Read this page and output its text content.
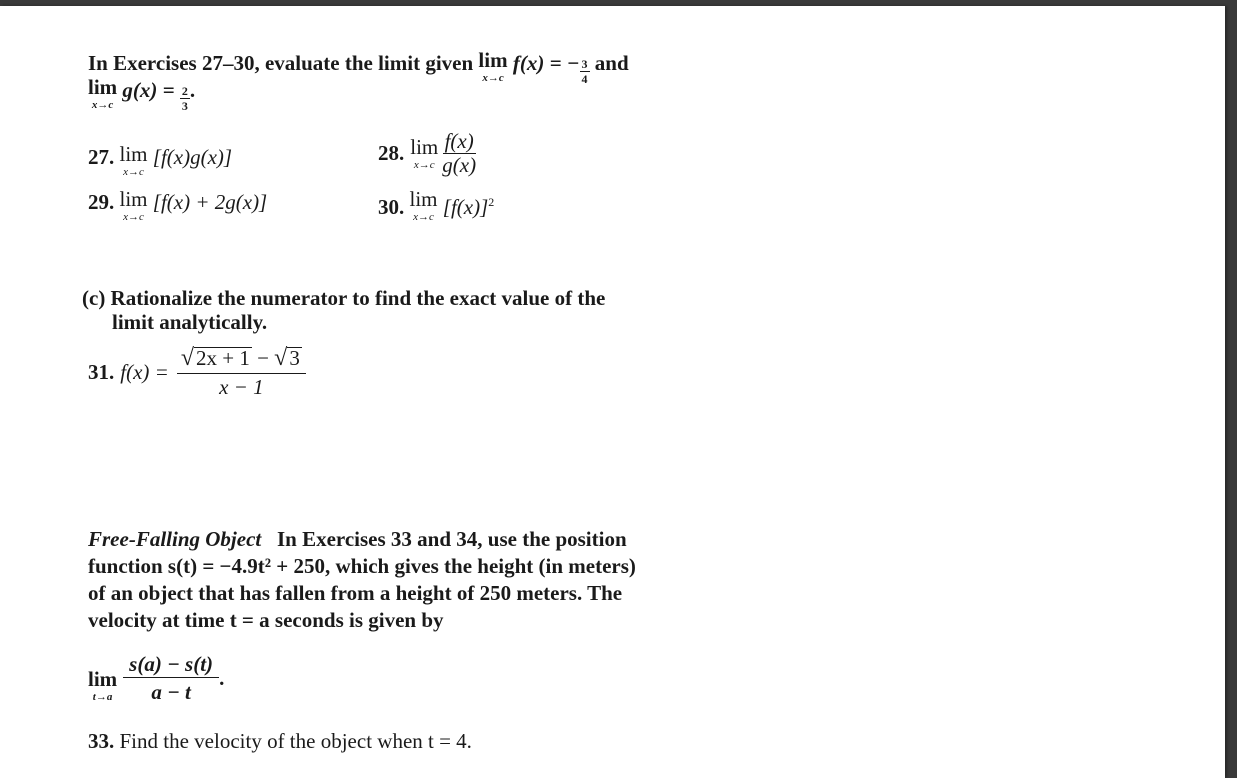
In Exercises 27–30, evaluate the limit given lim
x→c
f(x) = − $\frac{3}{4}$ and
lim
x→c
$g(x) = \frac{2}{3}$ .
27. lim
x→c
[f(x)g(x)]	28. lim
$x\to c \frac{f(x)}{g(x)}$
29. lim
x→c
[f(x) + 2g(x)]	30. lim
x→c $[f(x)]^2$
(c) Rationalize the numerator to find the exact value of the
limit analytically.
31. $f(x) = \frac{√2x + 1 - √3}{x - 1}$
Free-Falling Object In Exercises 33 and 34, use the position
function s(t) = −4.9t² + 250, which gives the height (in meters)
of an object that has fallen from a height of 250 meters. The
velocity at time t = a seconds is given by
lim
$t\to a \frac{s(a) - s(t)}{a - t}$ .
33. Find the velocity of the object when t = 4.
